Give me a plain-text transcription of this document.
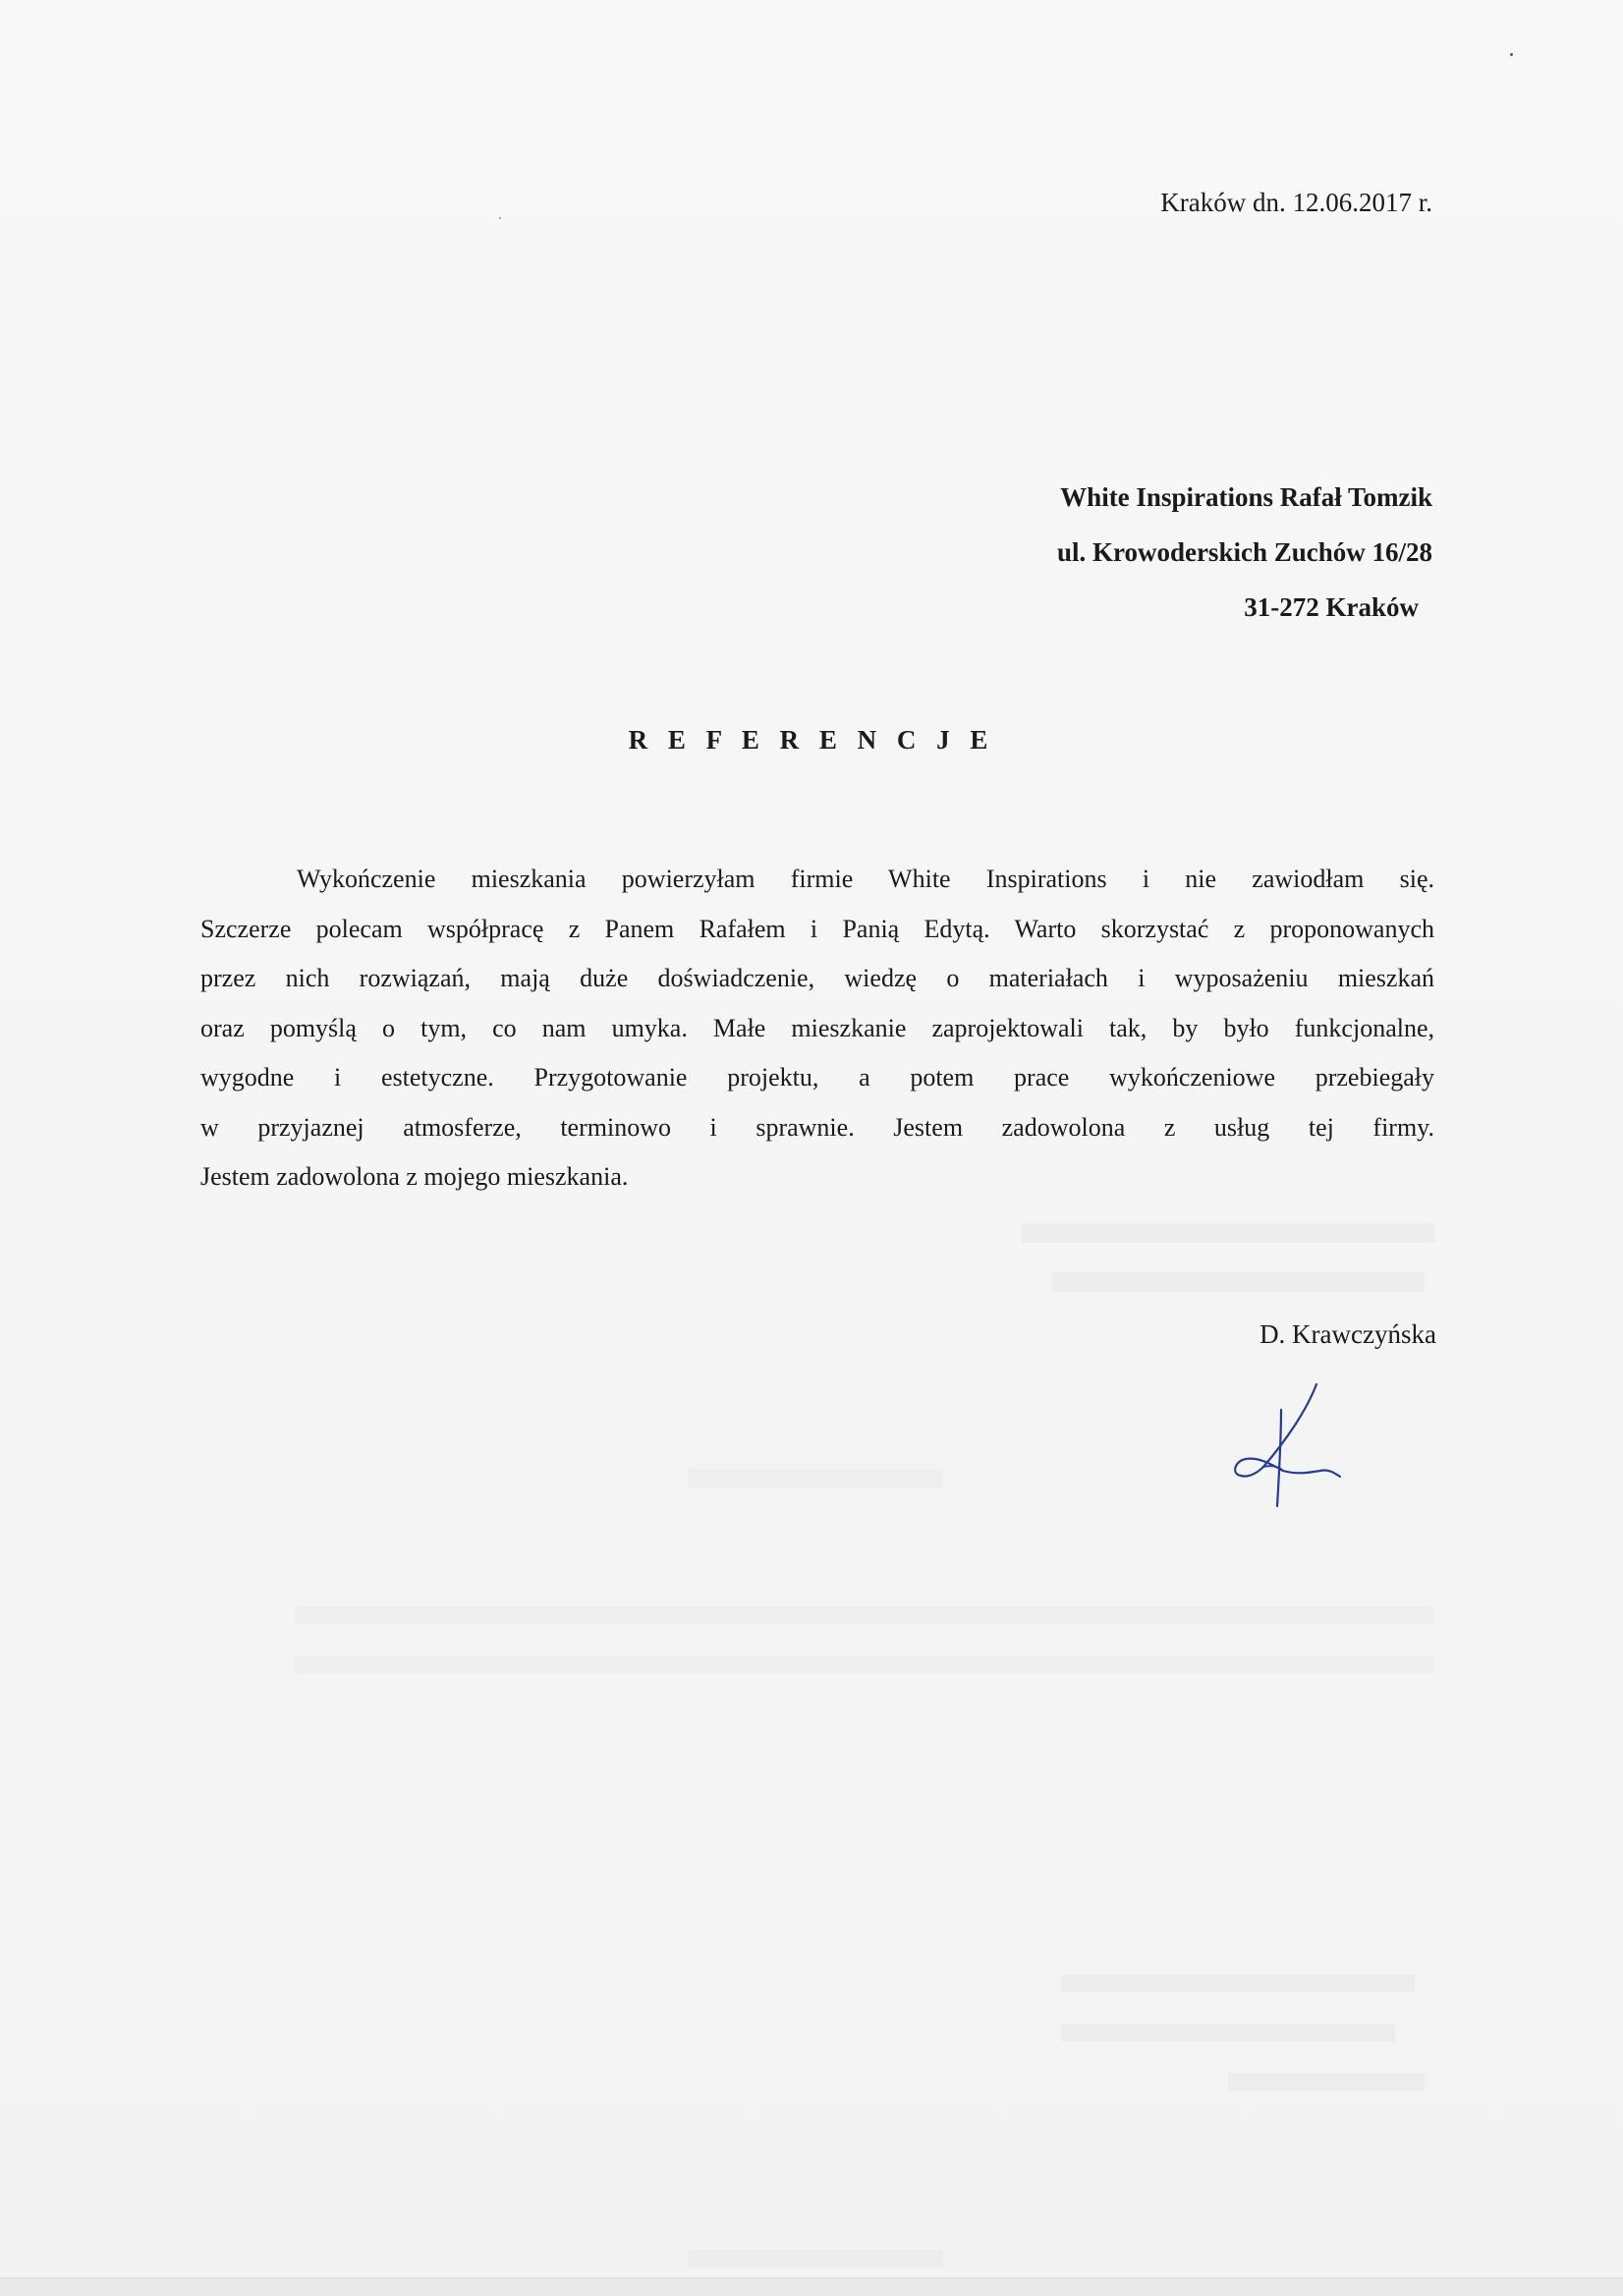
Kraków dn. 12.06.2017 r.
White Inspirations Rafał Tomzik
ul. Krowoderskich Zuchów 16/28
31-272 Kraków
R E F E R E N C J E
Wykończenie mieszkania powierzyłam firmie White Inspirations i nie zawiodłam się.
Szczerze polecam współpracę z Panem Rafałem i Panią Edytą. Warto skorzystać z proponowanych
przez nich rozwiązań, mają duże doświadczenie, wiedzę o materiałach i wyposażeniu mieszkań
oraz pomyślą o tym, co nam umyka. Małe mieszkanie zaprojektowali tak, by było funkcjonalne,
wygodne i estetyczne. Przygotowanie projektu, a potem prace wykończeniowe przebiegały
w przyjaznej atmosferze, terminowo i sprawnie. Jestem zadowolona z usług tej firmy.
Jestem zadowolona z mojego mieszkania.
D. Krawczyńska
